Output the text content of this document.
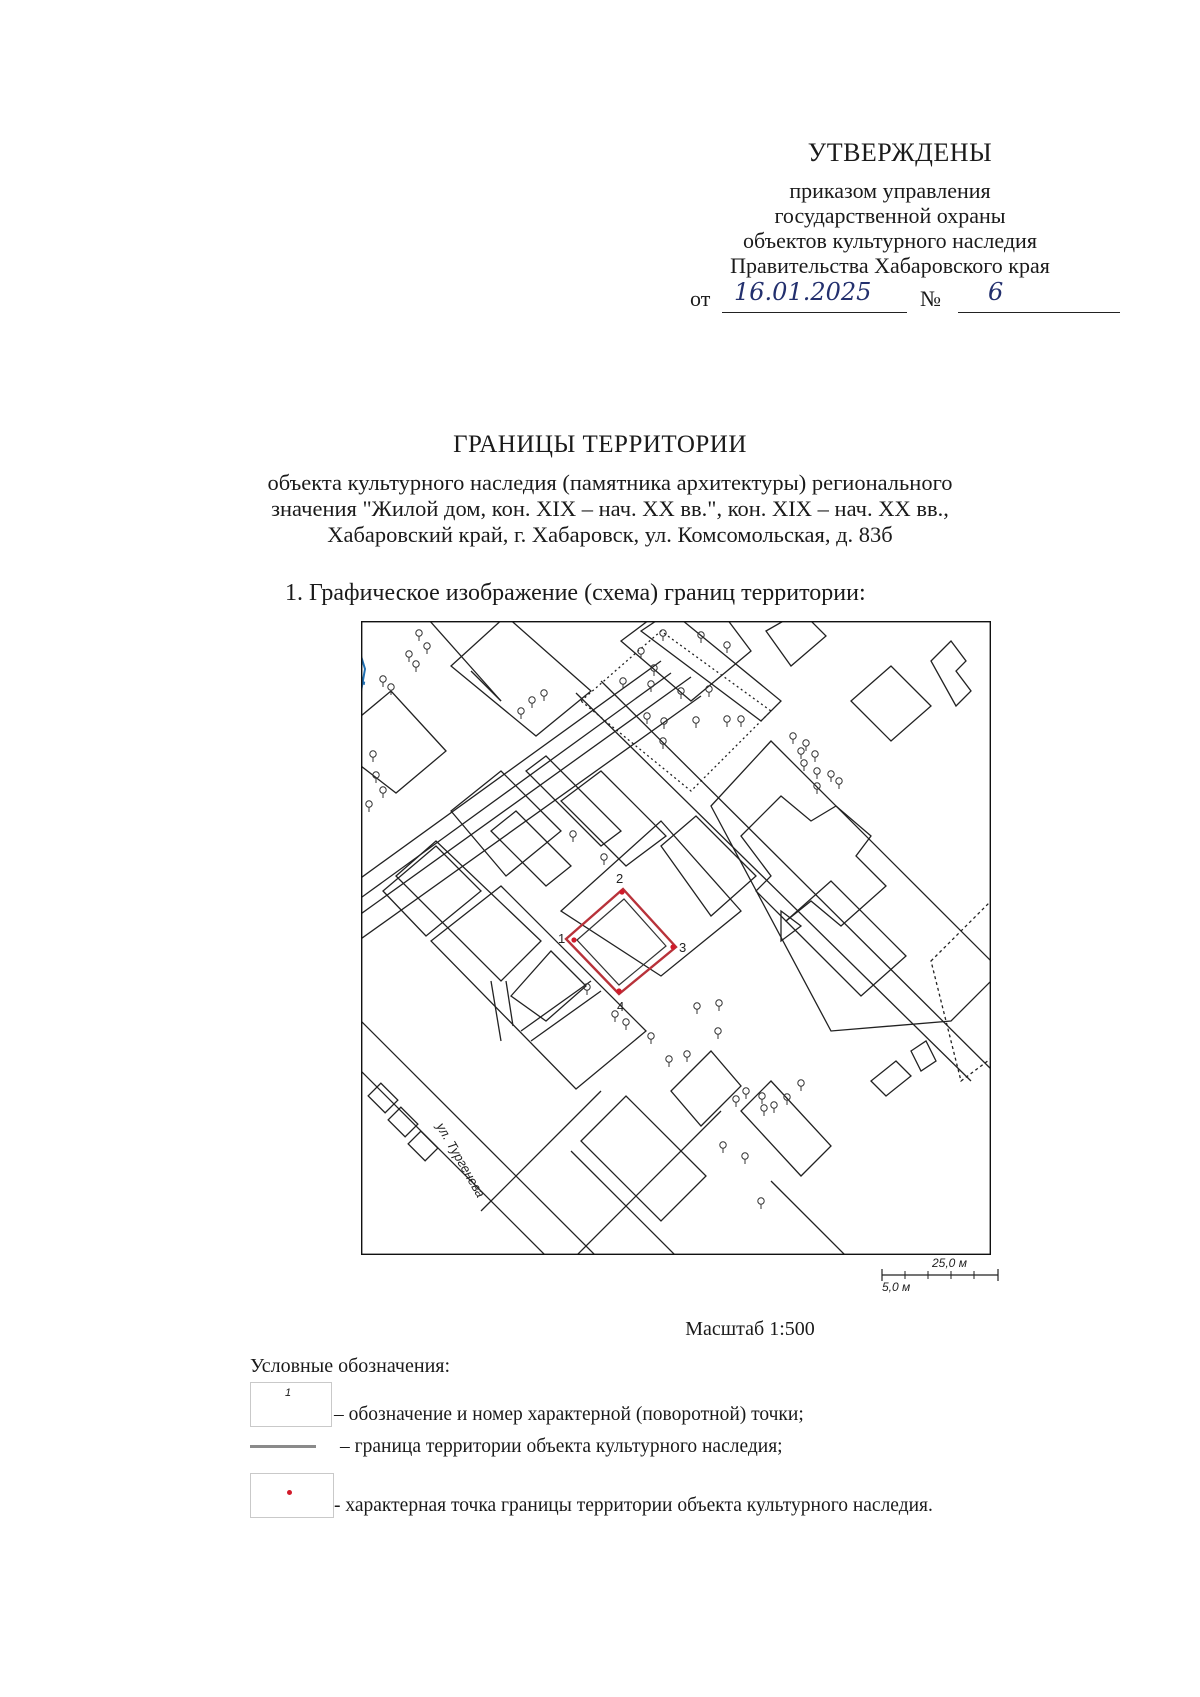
УТВЕРЖДЕНЫ
приказом управления
государственной охраны
объектов культурного наследия
Правительства Хабаровского края
от 16.01.2025 № 6
ГРАНИЦЫ ТЕРРИТОРИИ
объекта культурного наследия (памятника архитектуры) регионального
значения "Жилой дом, кон. XIX – нач. XX вв.", кон. XIX – нач. XX вв.,
Хабаровский край, г. Хабаровск, ул. Комсомольская, д. 83б
1. Графическое изображение (схема) границ территории:
1
2
3
4
ул. Тургенева
25,0 м
5,0 м
Масштаб 1:500
Условные обозначения:
1
– обозначение и номер характерной (поворотной) точки;
– граница территории объекта культурного наследия;
- характерная точка границы территории объекта культурного наследия.
